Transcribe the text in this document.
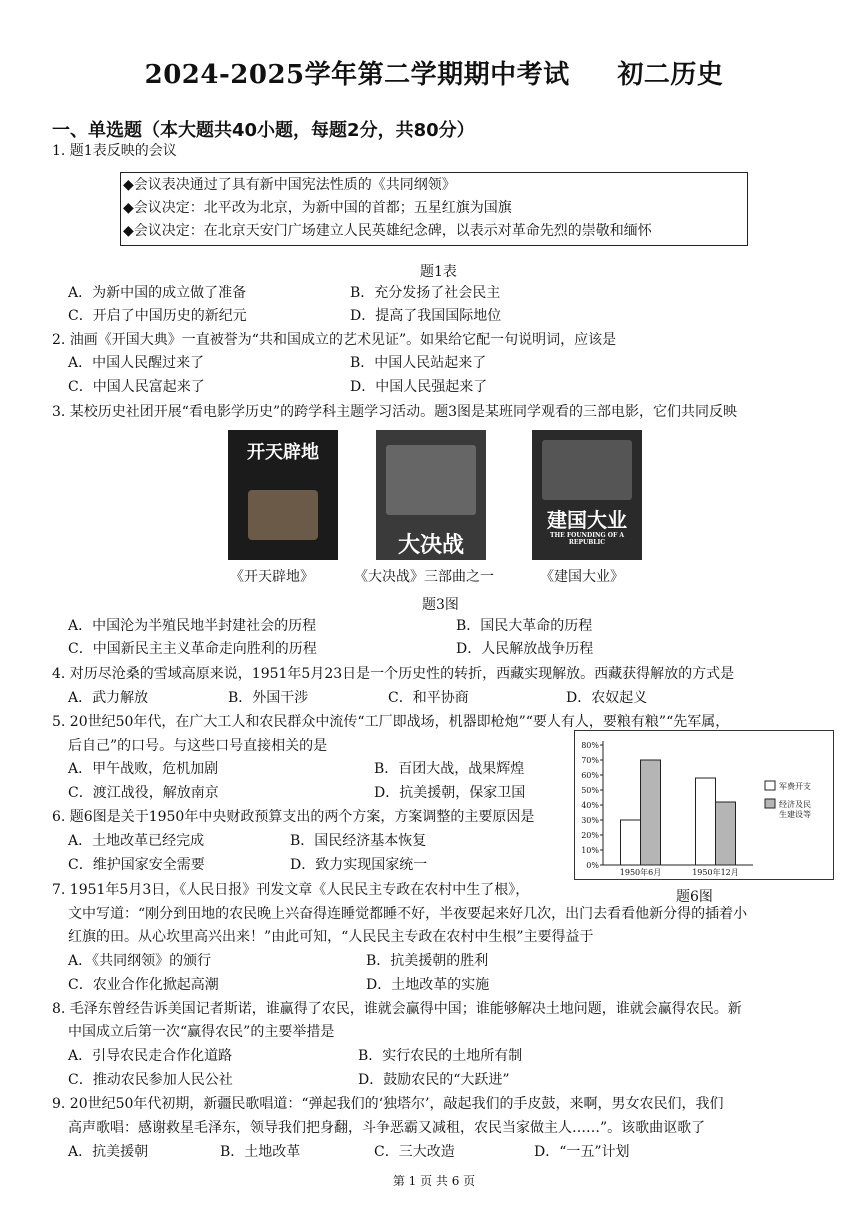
2024-2025学年第二学期期中考试     初二历史
一、单选题（本大题共40小题，每题2分，共80分）
1. 题1表反映的会议
◆会议表决通过了具有新中国宪法性质的《共同纲领》
◆会议决定：北平改为北京，为新中国的首都；五星红旗为国旗
◆会议决定：在北京天安门广场建立人民英雄纪念碑，以表示对革命先烈的崇敬和缅怀
题1表
A．为新中国的成立做了准备	B．充分发扬了社会民主
C．开启了中国历史的新纪元	D．提高了我国国际地位
2. 油画《开国大典》一直被誉为“共和国成立的艺术见证”。如果给它配一句说明词，应该是
A．中国人民醒过来了	B．中国人民站起来了
C．中国人民富起来了	D．中国人民强起来了
3. 某校历史社团开展“看电影学历史”的跨学科主题学习活动。题3图是某班同学观看的三部电影，它们共同反映
开天辟地
大决战
建国大业
THE FOUNDING OF A REPUBLIC
《开天辟地》	《大决战》三部曲之一	《建国大业》
题3图
A．中国沦为半殖民地半封建社会的历程	B．国民大革命的历程
C．中国新民主主义革命走向胜利的历程	D．人民解放战争历程
4. 对历尽沧桑的雪域高原来说，1951年5月23日是一个历史性的转折，西藏实现解放。西藏获得解放的方式是
A．武力解放	B．外国干涉	C．和平协商	D．农奴起义
5. 20世纪50年代，在广大工人和农民群众中流传“工厂即战场，机器即枪炮”“要人有人，要粮有粮”“先军属，
后自己”的口号。与这些口号直接相关的是
A．甲午战败，危机加剧	B．百团大战，战果辉煌
C．渡江战役，解放南京	D．抗美援朝，保家卫国
6. 题6图是关于1950年中央财政预算支出的两个方案，方案调整的主要原因是
A．土地改革已经完成	B．国民经济基本恢复
C．维护国家安全需要	D．致力实现国家统一	0%
10%
20%
30%
40%
50%
60%
70%
80%
1950年6月	1950年12月
军费开支
经济及民生建设等
题6图
7. 1951年5月3日，《人民日报》刊发文章《人民民主专政在农村中生了根》，
文中写道：“刚分到田地的农民晚上兴奋得连睡觉都睡不好，半夜要起来好几次，出门去看看他新分得的插着小
红旗的田。从心坎里高兴出来！”由此可知，“人民民主专政在农村中生根”主要得益于
A．《共同纲领》的颁行	B．抗美援朝的胜利
C．农业合作化掀起高潮	D．土地改革的实施
8. 毛泽东曾经告诉美国记者斯诺，谁赢得了农民，谁就会赢得中国；谁能够解决土地问题，谁就会赢得农民。新
中国成立后第一次“赢得农民”的主要举措是
A．引导农民走合作化道路	B．实行农民的土地所有制
C．推动农民参加人民公社	D．鼓励农民的“大跃进”
9. 20世纪50年代初期，新疆民歌唱道：“弹起我们的‘独塔尔’，敲起我们的手皮鼓，来啊，男女农民们，我们
高声歌唱：感谢救星毛泽东，领导我们把身翻，斗争恶霸又减租，农民当家做主人……”。该歌曲讴歌了
A．抗美援朝	B．土地改革	C．三大改造	D．“一五”计划
第 1 页 共 6 页
